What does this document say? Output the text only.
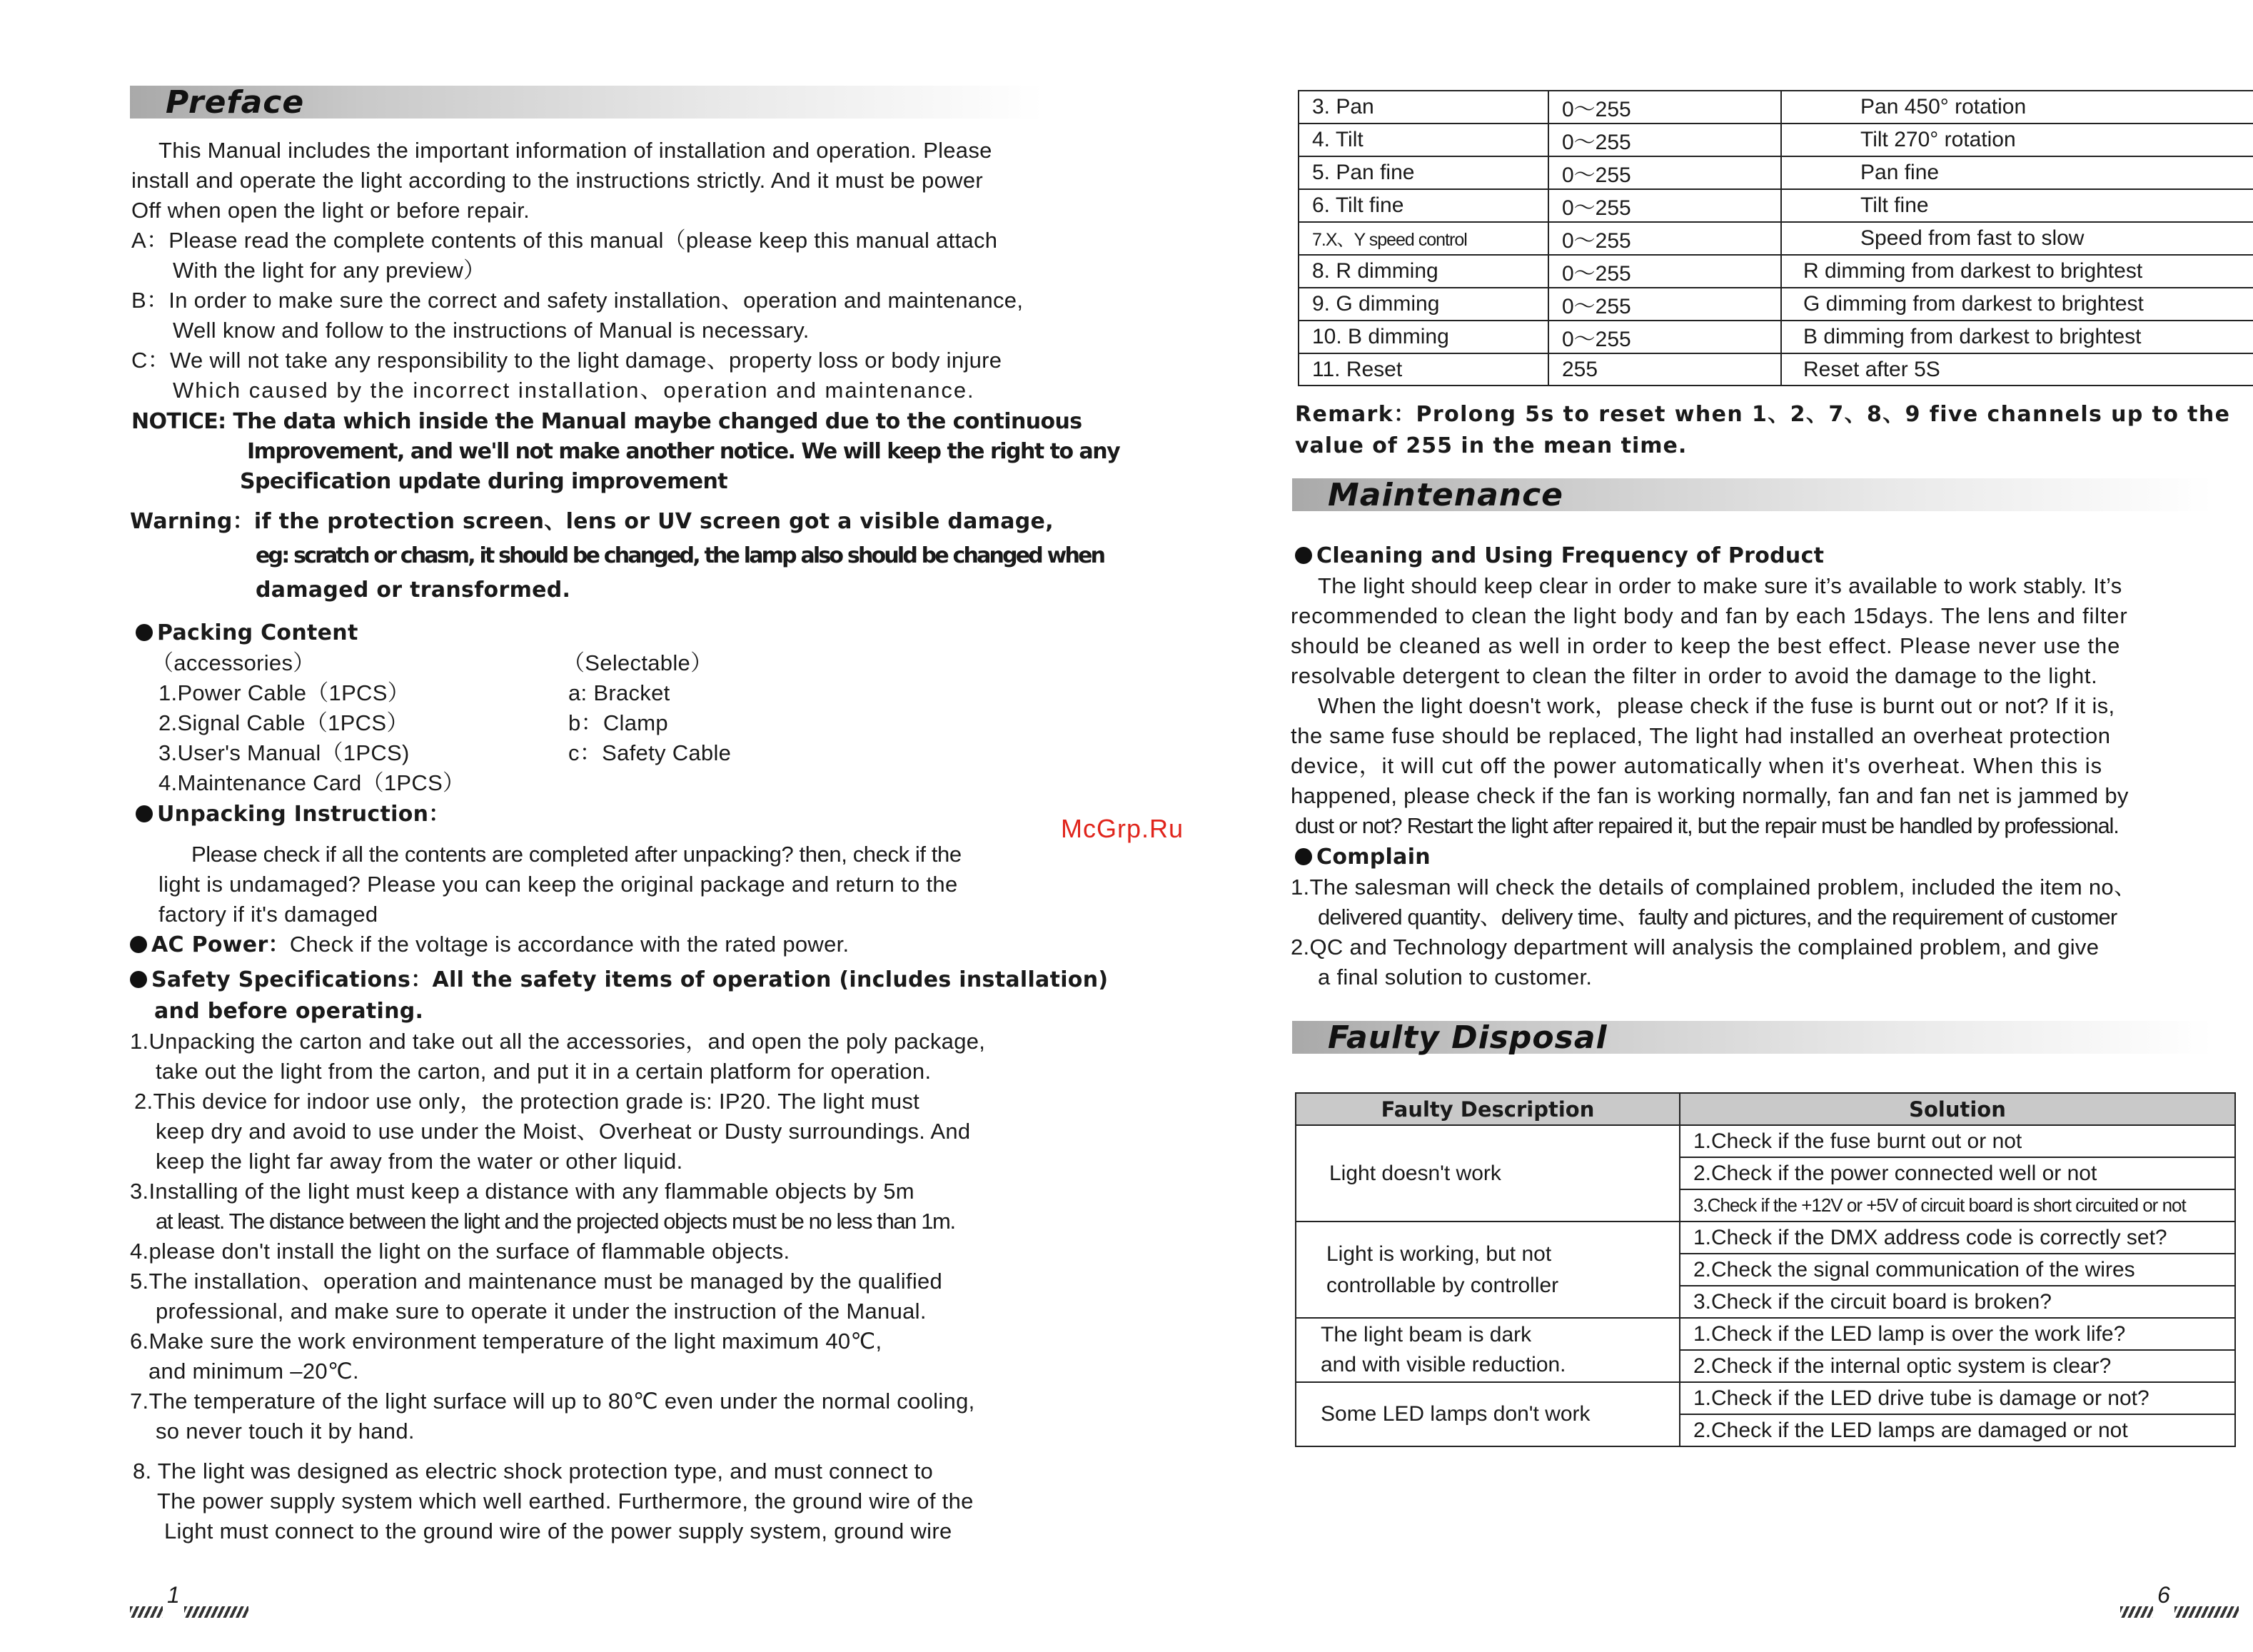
Preface
This Manual includes the important information of installation and operation. Please
install and operate the light according to the instructions strictly. And it must be power
Off when open the light or before repair.
A：Please read the complete contents of this manual（please keep this manual attach
With the light for any preview）
B：In order to make sure the correct and safety installation、operation and maintenance,
Well know and follow to the instructions of Manual is necessary.
C：We will not take any responsibility to the light damage、property loss or body injure
Which caused by the incorrect installation、operation and maintenance.
NOTICE: The data which inside the Manual maybe changed due to the continuous
Improvement, and we'll not make another notice. We will keep the right to any
Specification update during improvement
Warning：if the protection screen、lens or UV screen got a visible damage,
eg: scratch or chasm, it should be changed, the lamp also should be changed when
damaged or transformed.
Packing Content
（accessories）
1.Power Cable（1PCS）
2.Signal Cable（1PCS）
3.User's Manual（1PCS)
4.Maintenance Card（1PCS）
（Selectable）
a: Bracket
b：Clamp
c：Safety Cable
Unpacking Instruction：
Please check if all the contents are completed after unpacking? then, check if the
light is undamaged? Please you can keep the original package and return to the
factory if it's damaged
AC Power：Check if the voltage is accordance with the rated power.
Safety Specifications：All the safety items of operation (includes installation)
and before operating.
1.Unpacking the carton and take out all the accessories，and open the poly package,
take out the light from the carton, and put it in a certain platform for operation.
2.This device for indoor use only，the protection grade is: IP20. The light must
keep dry and avoid to use under the Moist、Overheat or Dusty surroundings. And
keep the light far away from the water or other liquid.
3.Installing of the light must keep a distance with any flammable objects by 5m
at least. The distance between the light and the projected objects must be no less than 1m.
4.please don't install the light on the surface of flammable objects.
5.The installation、operation and maintenance must be managed by the qualified
professional, and make sure to operate it under the instruction of the Manual.
6.Make sure the work environment temperature of the light maximum 40℃,
and minimum –20℃.
7.The temperature of the light surface will up to 80℃ even under the normal cooling,
so never touch it by hand.
8. The light was designed as electric shock protection type, and must connect to
The power supply system which well earthed. Furthermore, the ground wire of the
Light must connect to the ground wire of the power supply system, ground wire
1
McGrp.Ru
3. Pan	0～255	Pan 450° rotation
4. Tilt	0～255	Tilt 270° rotation
5. Pan fine	0～255	Pan fine
6. Tilt fine	0～255	Tilt fine
7.X、Y speed control	0～255	Speed from fast to slow
8. R dimming	0～255	R dimming from darkest to brightest
9. G dimming	0～255	G dimming from darkest to brightest
10. B dimming	0～255	B dimming from darkest to brightest
11. Reset	255	Reset after 5S
Remark：Prolong 5s to reset when 1、2、7、8、9 five channels up to the
value of 255 in the mean time.
Maintenance
Cleaning and Using Frequency of Product
The light should keep clear in order to make sure it’s available to work stably. It’s
recommended to clean the light body and fan by each 15days. The lens and filter
should be cleaned as well in order to keep the best effect. Please never use the
resolvable detergent to clean the filter in order to avoid the damage to the light.
When the light doesn't work，please check if the fuse is burnt out or not? If it is,
the same fuse should be replaced, The light had installed an overheat protection
device，it will cut off the power automatically when it's overheat. When this is
happened, please check if the fan is working normally, fan and fan net is jammed by
dust or not? Restart the light after repaired it, but the repair must be handled by professional.
Complain
1.The salesman will check the details of complained problem, included the item no、
delivered quantity、delivery time、faulty and pictures, and the requirement of customer
2.QC and Technology department will analysis the complained problem, and give
a final solution to customer.
Faulty Disposal
Faulty Description	Solution

Light doesn't work	1.Check if the fuse burnt out or not
	2.Check if the power connected well or not
	3.Check if the +12V or +5V of circuit board is short circuited or not

Light is working, but not
controllable by controller	1.Check if the DMX address code is correctly set?
	2.Check the signal communication of the wires
	3.Check if the circuit board is broken?

The light beam is dark
and with visible reduction.	1.Check if the LED lamp is over the work life?
	2.Check if the internal optic system is clear?

Some LED lamps don't work	1.Check if the LED drive tube is damage or not?
	2.Check if the LED lamps are damaged or not
6
